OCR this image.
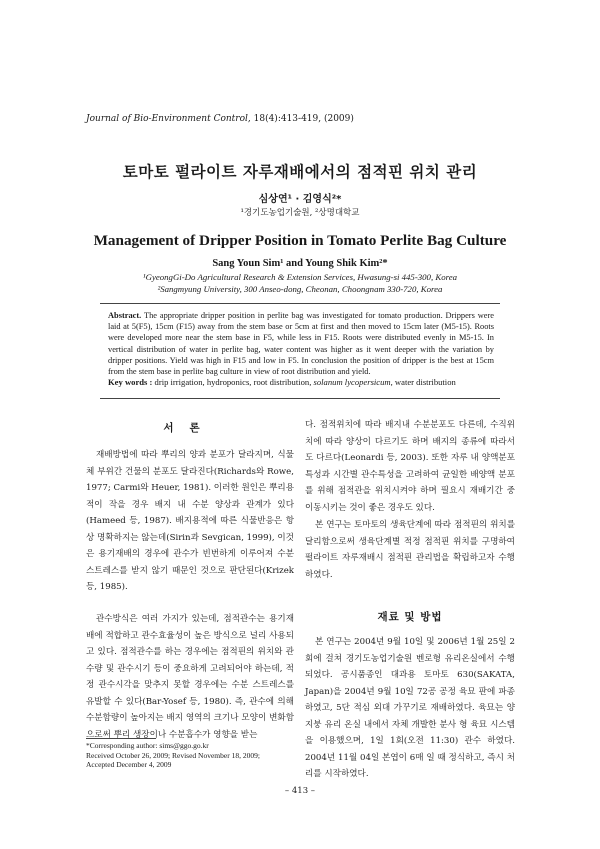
Journal of Bio-Environment Control, 18(4):413-419, (2009)
토마토 펄라이트 자루재배에서의 점적핀 위치 관리
심상연¹ · 김영식²*
¹경기도농업기술원, ²상명대학교
Management of Dripper Position in Tomato Perlite Bag Culture
Sang Youn Sim¹ and Young Shik Kim²*
¹GyeongGi-Do Agricultural Research & Extension Services, Hwasung-si 445-300, Korea
²Sangmyung University, 300 Anseo-dong, Cheonan, Choongnam 330-720, Korea

Abstract. The appropriate dripper position in perlite bag was investigated for tomato production. Drippers were laid at 5(F5), 15cm (F15) away from the stem base or 5cm at first and then moved to 15cm later (M5-15). Roots were developed more near the stem base in F5, while less in F15. Roots were distributed evenly in M5-15. In vertical distribution of water in perlite bag, water content was higher as it went deeper with the variation by dripper positions. Yield was high in F15 and low in F5. In conclusion the position of dripper is the best at 15cm from the stem base in perlite bag culture in view of root distribution and yield.

Key words : drip irrigation, hydroponics, root distribution, solanum lycopersicum, water distribution
서론

재배방법에 따라 뿌리의 양과 분포가 달라지며, 식물체 부위간 건물의 분포도 달라진다(Richards와 Rowe, 1977; Carmi와 Heuer, 1981). 이러한 원인은 뿌리용적이 작을 경우 배지 내 수분 양상과 관계가 있다(Hameed 등, 1987). 배지용적에 따른 식물반응은 항상 명확하지는 않는데(Sirin과 Sevgican, 1999), 이것은 용기재배의 경우에 관수가 빈번하게 이루어져 수분 스트레스를 받지 않기 때문인 것으로 판단된다(Krizek 등, 1985).

관수방식은 여러 가지가 있는데, 점적관수는 용기재배에 적합하고 관수효율성이 높은 방식으로 널리 사용되고 있다. 점적관수를 하는 경우에는 점적핀의 위치와 관수량 및 관수시기 등이 중요하게 고려되어야 하는데, 적정 관수시각을 맞추지 못할 경우에는 수분 스트레스를 유발할 수 있다(Bar-Yosef 등, 1980). 즉, 관수에 의해 수분함량이 높아지는 배지 영역의 크기나 모양이 변화함으로써 뿌리 생장이나 수분흡수가 영향을 받는

다. 점적위치에 따라 배지내 수분분포도 다른데, 수직위치에 따라 양상이 다르기도 하며 배지의 종류에 따라서도 다르다(Leonardi 등, 2003). 또한 자루 내 양액분포 특성과 시간별 관수특성을 고려하여 균일한 배양액 분포를 위해 점적관을 위치시켜야 하며 필요시 재배기간 중 이동시키는 것이 좋은 경우도 있다.

본 연구는 토마토의 생육단계에 따라 점적핀의 위치를 달리함으로써 생육단계별 적정 점적핀 위치를 구명하여 펄라이트 자루재배시 점적핀 관리법을 확립하고자 수행하였다.

재료 및 방법

본 연구는 2004년 9월 10일 및 2006년 1월 25일 2회에 걸쳐 경기도농업기술원 벤로형 유리온실에서 수행되었다. 공시품종인 대과용 토마토 630(SAKATA, Japan)을 2004년 9월 10일 72공 공정 육묘 판에 파종하였고, 5단 적심 외대 가꾸기로 재배하였다. 육묘는 양지붕 유리 온실 내에서 자체 개발한 분사 형 육묘 시스템을 이용했으며, 1일 1회(오전 11:30) 관수 하였다. 2004년 11월 04일 본엽이 6매 일 때 정식하고, 즉시 처리를 시작하였다.

*Corresponding author: sims@ggo.go.kr
Received October 26, 2009; Revised November 18, 2009;
Accepted December 4, 2009
– 413 –
